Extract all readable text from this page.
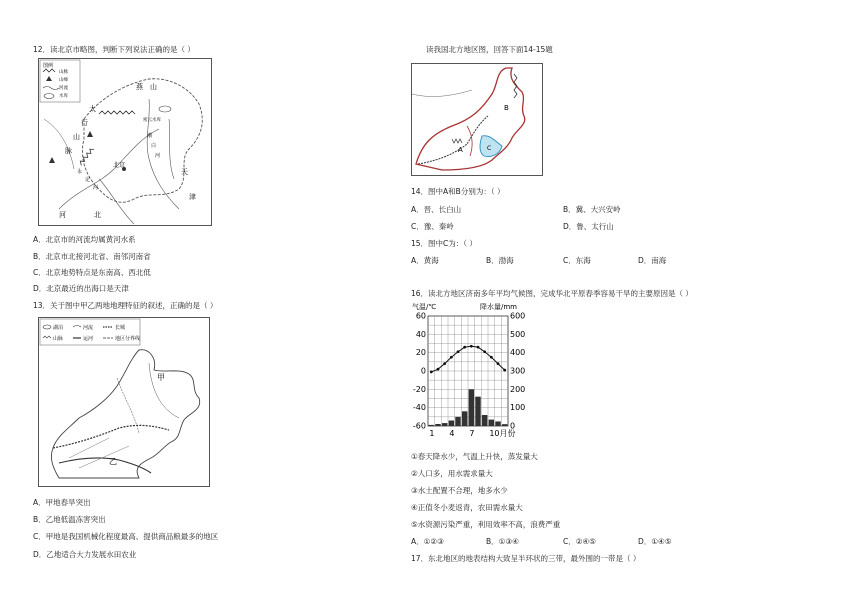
12．读北京市略图，判断下列说法正确的是（ ）
图例
山脉
山峰
河流
水库
燕 山
太
行
山
脉
北京
天
津
河	北
密云水库
潮
白
河
永
定
河
A．北京市的河流均属黄河水系
B．北京市北接河北省、南邻河南省
C．北京地势特点是东南高、西北低
D．北京最近的出海口是天津
13．关于图中甲乙两地地理特征的叙述，正确的是（ ）
湖泊	河流	长城
山脉	运河	地区分界线
甲
乙
A．甲地春旱突出
B．乙地低温冻害突出
C．甲地是我国机械化程度最高、提供商品粮最多的地区
D．乙地适合大力发展水田农业
读我国北方地区图，回答下面14-15题
A
B
C
14．图中A和B分别为：（ ）
A．晋、长白山	B．冀、大兴安岭
C．豫、秦岭	D．鲁、太行山
15．图中C为：（ ）
A．黄海	B．渤海	C．东海	D．南海
16．读北方地区济南多年平均气候图，完成华北平原春季容易干旱的主要原因是（ ）
气温/℃	降水量/mm
60
40
20
0
-20
-40
-60
600
500
400
300
200
100
0
1 4 7 10月份
①春天降水少，气温上升快，蒸发量大
②人口多，用水需求量大
③水土配置不合理，地多水少
④正值冬小麦返青，农田需水量大
⑤水资源污染严重，利用效率不高，浪费严重
A．①②③	B．①③④	C．②④⑤	D．①④⑤
17．东北地区的地表结构大致呈半环状的三带，最外围的一带是（ ）
